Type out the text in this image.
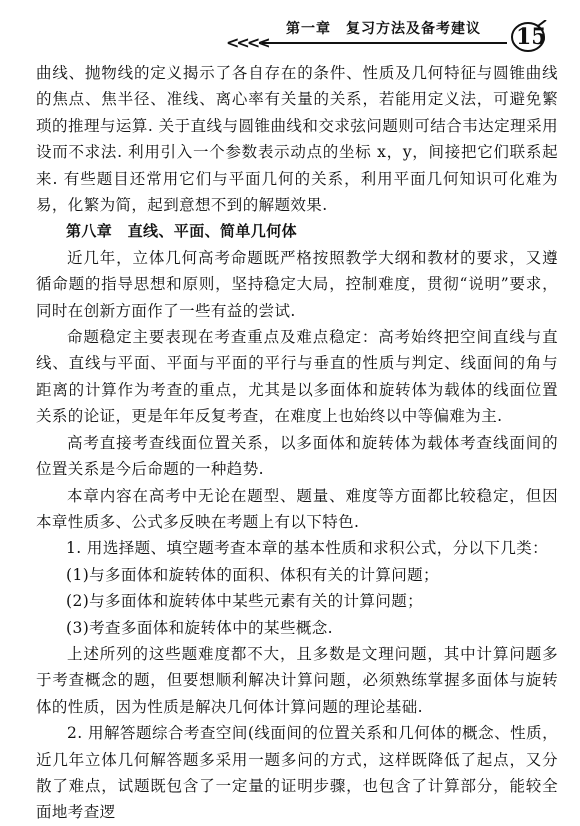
<<<<
第一章　复习方法及备考建议 15

曲线、抛物线的定义揭示了各自存在的条件、性质及几何特征与圆锥曲线的焦点、焦半径、准线、离心率有关量的关系，若能用定义法，可避免繁琐的推理与运算. 关于直线与圆锥曲线和交求弦问题则可结合韦达定理采用设而不求法. 利用引入一个参数表示动点的坐标 x，y，间接把它们联系起来. 有些题目还常用它们与平面几何的关系，利用平面几何知识可化难为易，化繁为简，起到意想不到的解题效果.

第八章　直线、平面、简单几何体

近几年，立体几何高考命题既严格按照教学大纲和教材的要求，又遵循命题的指导思想和原则，坚持稳定大局，控制难度，贯彻“说明”要求，同时在创新方面作了一些有益的尝试.

命题稳定主要表现在考查重点及难点稳定：高考始终把空间直线与直线、直线与平面、平面与平面的平行与垂直的性质与判定、线面间的角与距离的计算作为考查的重点，尤其是以多面体和旋转体为载体的线面位置关系的论证，更是年年反复考查，在难度上也始终以中等偏难为主.

高考直接考查线面位置关系，以多面体和旋转体为载体考查线面间的位置关系是今后命题的一种趋势.

本章内容在高考中无论在题型、题量、难度等方面都比较稳定，但因本章性质多、公式多反映在考题上有以下特色.

1. 用选择题、填空题考查本章的基本性质和求积公式，分以下几类：

(1)与多面体和旋转体的面积、体积有关的计算问题；

(2)与多面体和旋转体中某些元素有关的计算问题；

(3)考查多面体和旋转体中的某些概念.

上述所列的这些题难度都不大，且多数是文理问题，其中计算问题多于考查概念的题，但要想顺利解决计算问题，必须熟练掌握多面体与旋转体的性质，因为性质是解决几何体计算问题的理论基础.

2. 用解答题综合考查空间(线面间的位置关系和几何体的概念、性质，近几年立体几何解答题多采用一题多问的方式，这样既降低了起点，又分散了难点，试题既包含了一定量的证明步骤，也包含了计算部分，能较全面地考查逻
